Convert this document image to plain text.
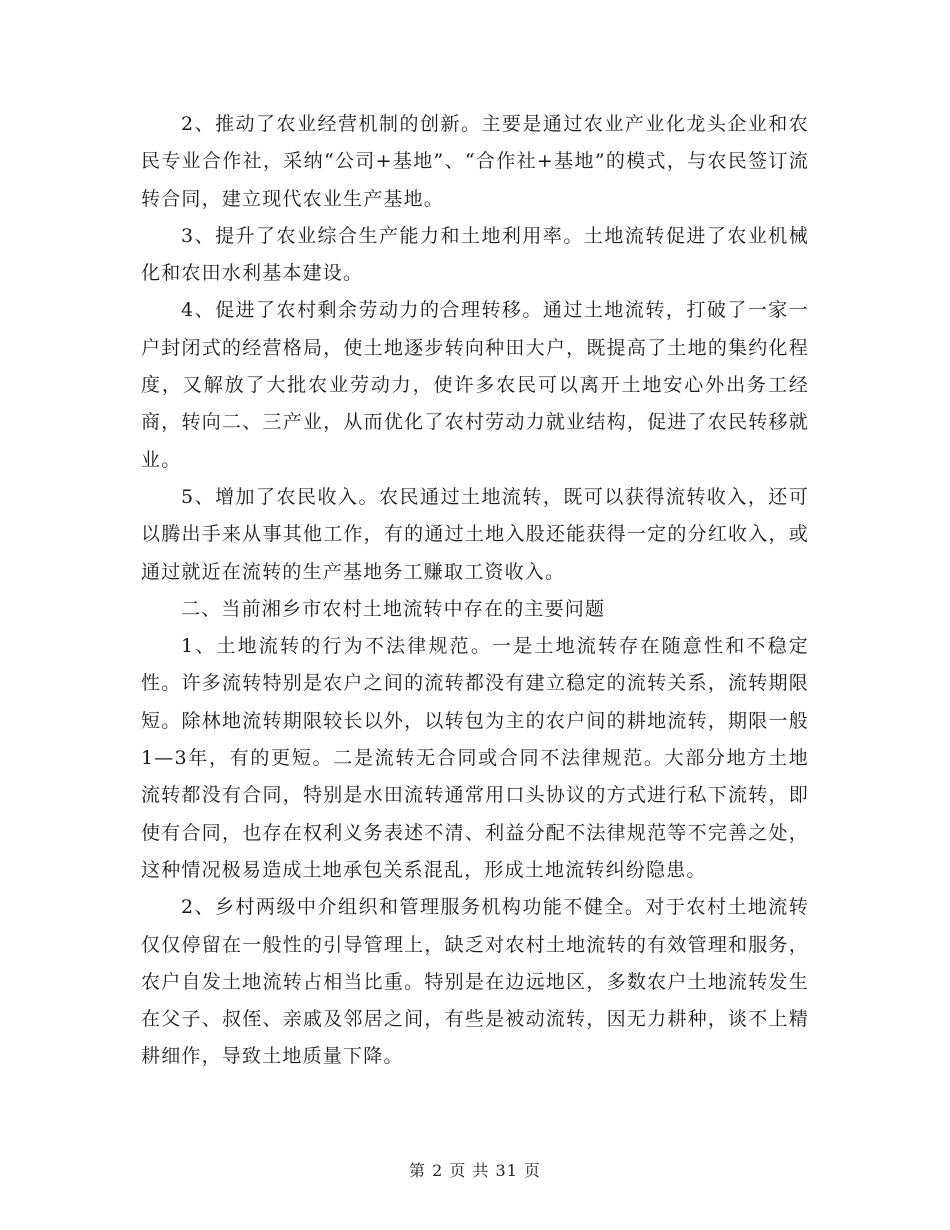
2、推动了农业经营机制的创新。主要是通过农业产业化龙头企业和农民专业合作社，采纳“公司+基地”、“合作社+基地”的模式，与农民签订流转合同，建立现代农业生产基地。

3、提升了农业综合生产能力和土地利用率。土地流转促进了农业机械化和农田水利基本建设。

4、促进了农村剩余劳动力的合理转移。通过土地流转，打破了一家一户封闭式的经营格局，使土地逐步转向种田大户，既提高了土地的集约化程度，又解放了大批农业劳动力，使许多农民可以离开土地安心外出务工经商，转向二、三产业，从而优化了农村劳动力就业结构，促进了农民转移就业。

5、增加了农民收入。农民通过土地流转，既可以获得流转收入，还可以腾出手来从事其他工作，有的通过土地入股还能获得一定的分红收入，或通过就近在流转的生产基地务工赚取工资收入。

二、当前湘乡市农村土地流转中存在的主要问题

1、土地流转的行为不法律规范。一是土地流转存在随意性和不稳定性。许多流转特别是农户之间的流转都没有建立稳定的流转关系，流转期限短。除林地流转期限较长以外，以转包为主的农户间的耕地流转，期限一般1—3年，有的更短。二是流转无合同或合同不法律规范。大部分地方土地流转都没有合同，特别是水田流转通常用口头协议的方式进行私下流转，即使有合同，也存在权利义务表述不清、利益分配不法律规范等不完善之处，这种情况极易造成土地承包关系混乱，形成土地流转纠纷隐患。

2、乡村两级中介组织和管理服务机构功能不健全。对于农村土地流转仅仅停留在一般性的引导管理上，缺乏对农村土地流转的有效管理和服务，农户自发土地流转占相当比重。特别是在边远地区，多数农户土地流转发生在父子、叔侄、亲戚及邻居之间，有些是被动流转，因无力耕种，谈不上精耕细作，导致土地质量下降。

第 2 页 共 31 页
